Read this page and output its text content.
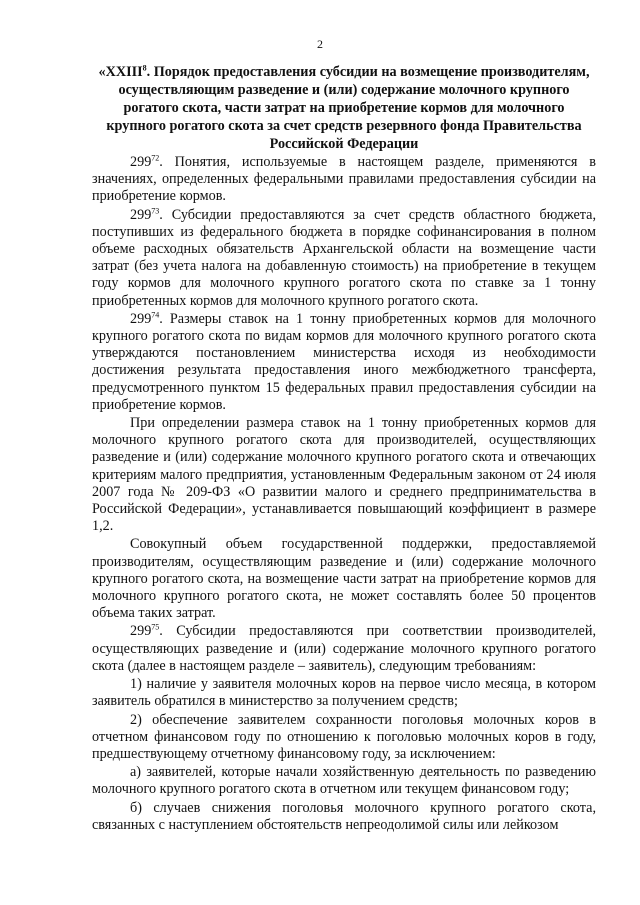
2
«XXIII$^8$. Порядок предоставления субсидии на возмещение производителям, осуществляющим разведение и (или) содержание молочного крупного рогатого скота, части затрат на приобретение кормов для молочного крупного рогатого скота за счет средств резервного фонда Правительства Российской Федерации

$299^{72}$. Понятия, используемые в настоящем разделе, применяются в значениях, определенных федеральными правилами предоставления субсидии на приобретение кормов.

$299^{73}$. Субсидии предоставляются за счет средств областного бюджета, поступивших из федерального бюджета в порядке софинансирования в полном объеме расходных обязательств Архангельской области на возмещение части затрат (без учета налога на добавленную стоимость) на приобретение в текущем году кормов для молочного крупного рогатого скота по ставке за 1 тонну приобретенных кормов для молочного крупного рогатого скота.

$299^{74}$. Размеры ставок на 1 тонну приобретенных кормов для молочного крупного рогатого скота по видам кормов для молочного крупного рогатого скота утверждаются постановлением министерства исходя из необходимости достижения результата предоставления иного межбюджетного трансферта, предусмотренного пунктом 15 федеральных правил предоставления субсидии на приобретение кормов.

При определении размера ставок на 1 тонну приобретенных кормов для молочного крупного рогатого скота для производителей, осуществляющих разведение и (или) содержание молочного крупного рогатого скота и отвечающих критериям малого предприятия, установленным Федеральным законом от 24 июля 2007 года № 209-ФЗ «О развитии малого и среднего предпринимательства в Российской Федерации», устанавливается повышающий коэффициент в размере 1,2.

Совокупный объем государственной поддержки, предоставляемой производителям, осуществляющим разведение и (или) содержание молочного крупного рогатого скота, на возмещение части затрат на приобретение кормов для молочного крупного рогатого скота, не может составлять более 50 процентов объема таких затрат.

$299^{75}$. Субсидии предоставляются при соответствии производителей, осуществляющих разведение и (или) содержание молочного крупного рогатого скота (далее в настоящем разделе – заявитель), следующим требованиям:

1) наличие у заявителя молочных коров на первое число месяца, в котором заявитель обратился в министерство за получением средств;

2) обеспечение заявителем сохранности поголовья молочных коров в отчетном финансовом году по отношению к поголовью молочных коров в году, предшествующему отчетному финансовому году, за исключением:

а) заявителей, которые начали хозяйственную деятельность по разведению молочного крупного рогатого скота в отчетном или текущем финансовом году;

б) случаев снижения поголовья молочного крупного рогатого скота, связанных с наступлением обстоятельств непреодолимой силы или лейкозом
